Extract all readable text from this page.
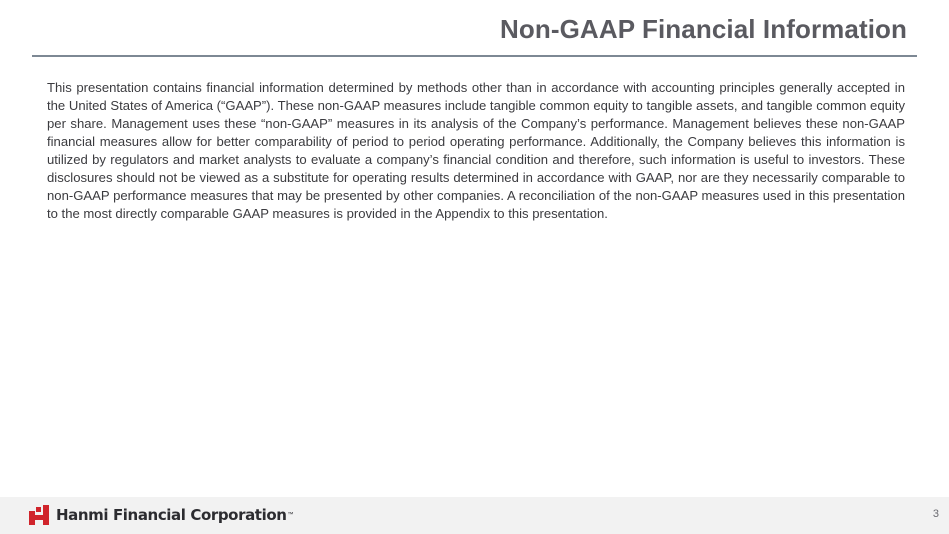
Non-GAAP Financial Information

This presentation contains financial information determined by methods other than in accordance with accounting principles generally accepted in the United States of America (“GAAP”). These non-GAAP measures include tangible common equity to tangible assets, and tangible common equity per share. Management uses these “non-GAAP” measures in its analysis of the Company’s performance. Management believes these non-GAAP financial measures allow for better comparability of period to period operating performance. Additionally, the Company believes this information is utilized by regulators and market analysts to evaluate a company’s financial condition and therefore, such information is useful to investors. These disclosures should not be viewed as a substitute for operating results determined in accordance with GAAP, nor are they necessarily comparable to non-GAAP performance measures that may be presented by other companies. A reconciliation of the non-GAAP measures used in this presentation to the most directly comparable GAAP measures is provided in the Appendix to this presentation.

Hanmi Financial Corporation ™	3
